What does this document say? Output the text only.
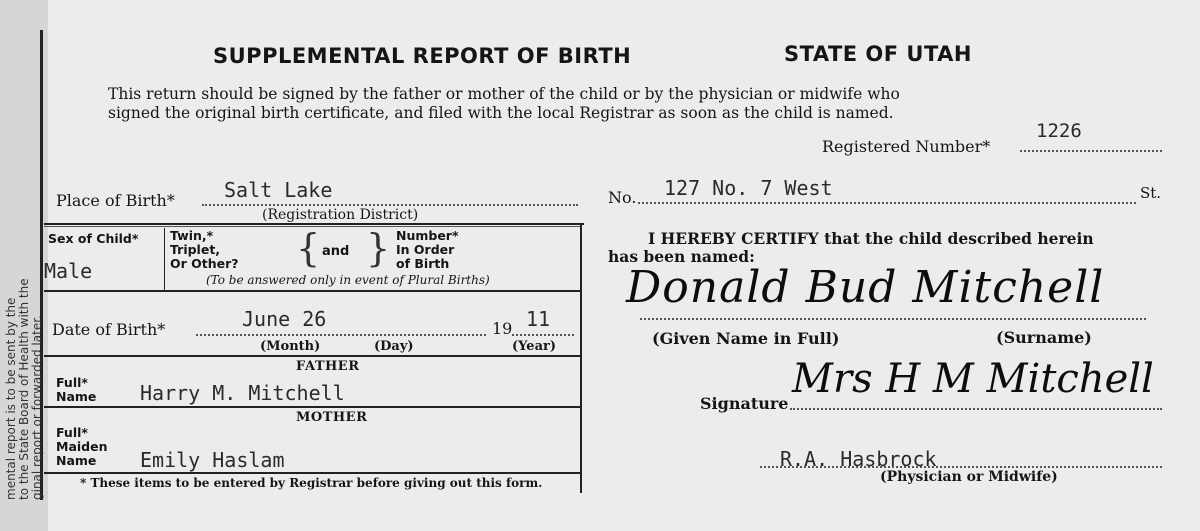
mental report is to be sent by the to the State Board of Health with the ginal report or forwarded later.
SUPPLEMENTAL REPORT OF BIRTH	STATE OF UTAH
This return should be signed by the father or mother of the child or by the physician or midwife who
signed the original birth certificate, and filed with the local Registrar as soon as the child is named.
Registered Number*
1226
Place of Birth* Salt Lake
(Registration District)
No. 127 No. 7 West	St.
Sex of Child*
Male
Twin,*
Triplet,
Or Other? { and } Number*
In Order
of Birth
(To be answered only in event of Plural Births)
Date of Birth*	June 26	19 11
(Month)	(Day)	(Year)
FATHER
Full*
Name Harry M. Mitchell
MOTHER
Full*
Maiden
Name	Emily Haslam
* These items to be entered by Registrar before giving out this form.
I HEREBY CERTIFY that the child described herein
has been named:
Donald Bud Mitchell
(Given Name in Full)	(Surname)
Signature
Mrs H M Mitchell
R.A. Hasbrock
(Physician or Midwife)
